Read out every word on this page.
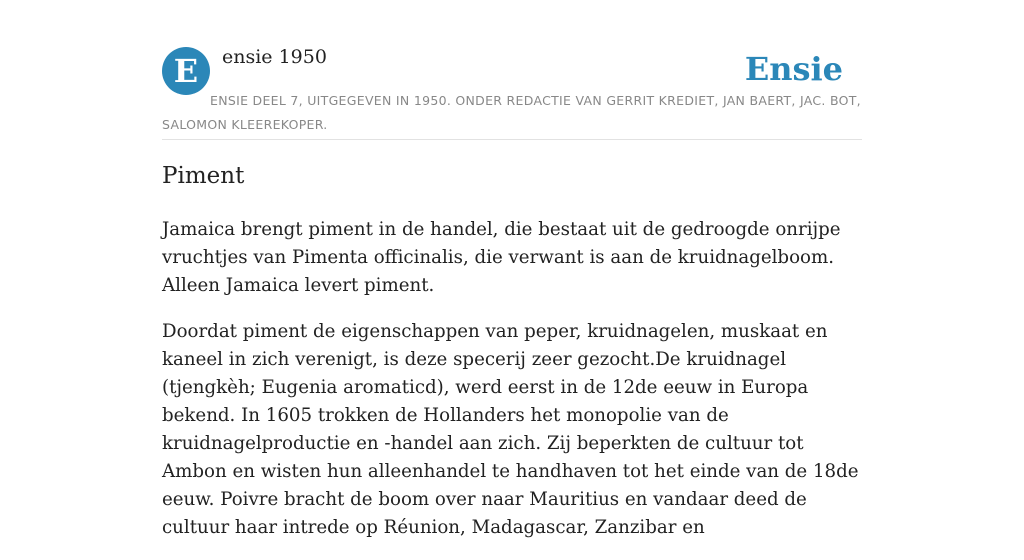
E	ensie 1950	Ensie
ENSIE DEEL 7, UITGEGEVEN IN 1950. ONDER REDACTIE VAN GERRIT KREDIET, JAN BAERT, JAC. BOT, SALOMON KLEEREKOPER.
Piment

Jamaica brengt piment in de handel, die bestaat uit de gedroogde onrijpe vruchtjes van Pimenta officinalis, die verwant is aan de kruidnagelboom. Alleen Jamaica levert piment.

Doordat piment de eigenschappen van peper, kruidnagelen, muskaat en kaneel in zich verenigt, is deze specerij zeer gezocht.De kruidnagel (tjengkèh; Eugenia aromaticd), werd eerst in de 12de eeuw in Europa bekend. In 1605 trokken de Hollanders het monopolie van de kruidnagelproductie en -handel aan zich. Zij beperkten de cultuur tot Ambon en wisten hun alleenhandel te handhaven tot het einde van de 18de eeuw. Poivre bracht de boom over naar Mauritius en vandaar deed de cultuur haar intrede op Réunion, Madagascar, Zanzibar en
